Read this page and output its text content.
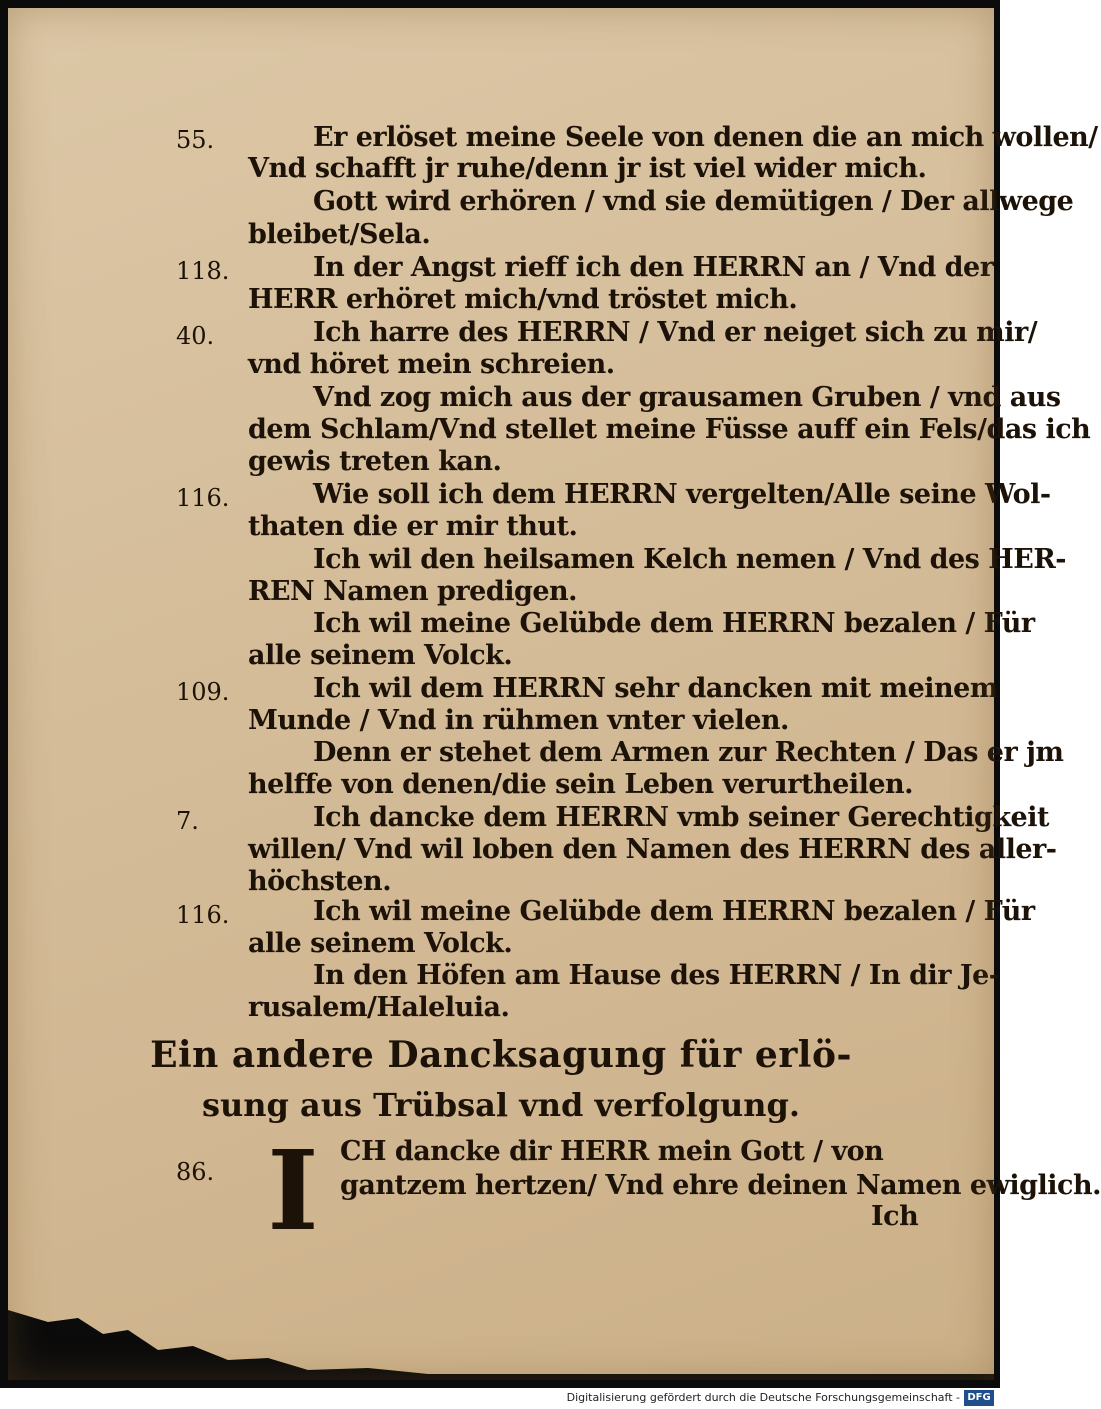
55.	Er erlöset meine Seele von denen die an mich wollen/
Vnd schafft jr ruhe/denn jr ist viel wider mich.
Gott wird erhören / vnd sie demütigen / Der allwege
bleibet/Sela.
118.	In der Angst rieff ich den HERRN an / Vnd der
HERR erhöret mich/vnd tröstet mich.
40.	Ich harre des HERRN / Vnd er neiget sich zu mir/
vnd höret mein schreien.
Vnd zog mich aus der grausamen Gruben / vnd aus
dem Schlam/Vnd stellet meine Füsse auff ein Fels/das ich
gewis treten kan.
116.	Wie soll ich dem HERRN vergelten/Alle seine Wol-
thaten die er mir thut.
Ich wil den heilsamen Kelch nemen / Vnd des HER-
REN Namen predigen.
Ich wil meine Gelübde dem HERRN bezalen / Für
alle seinem Volck.
109.	Ich wil dem HERRN sehr dancken mit meinem
Munde / Vnd in rühmen vnter vielen.
Denn er stehet dem Armen zur Rechten / Das er jm
helffe von denen/die sein Leben verurtheilen.
7.	Ich dancke dem HERRN vmb seiner Gerechtigkeit
willen/ Vnd wil loben den Namen des HERRN des aller-
höchsten.
116.	Ich wil meine Gelübde dem HERRN bezalen / Für
alle seinem Volck.
In den Höfen am Hause des HERRN / In dir Je-
rusalem/Haleluia.
Ein andere Dancksagung für erlö-
sung aus Trübsal vnd verfolgung.
86. I CH dancke dir HERR mein Gott / von
gantzem hertzen/ Vnd ehre deinen Namen ewiglich.
Ich
Digitalisierung gefördert durch die Deutsche Forschungsgemeinschaft - DFG
